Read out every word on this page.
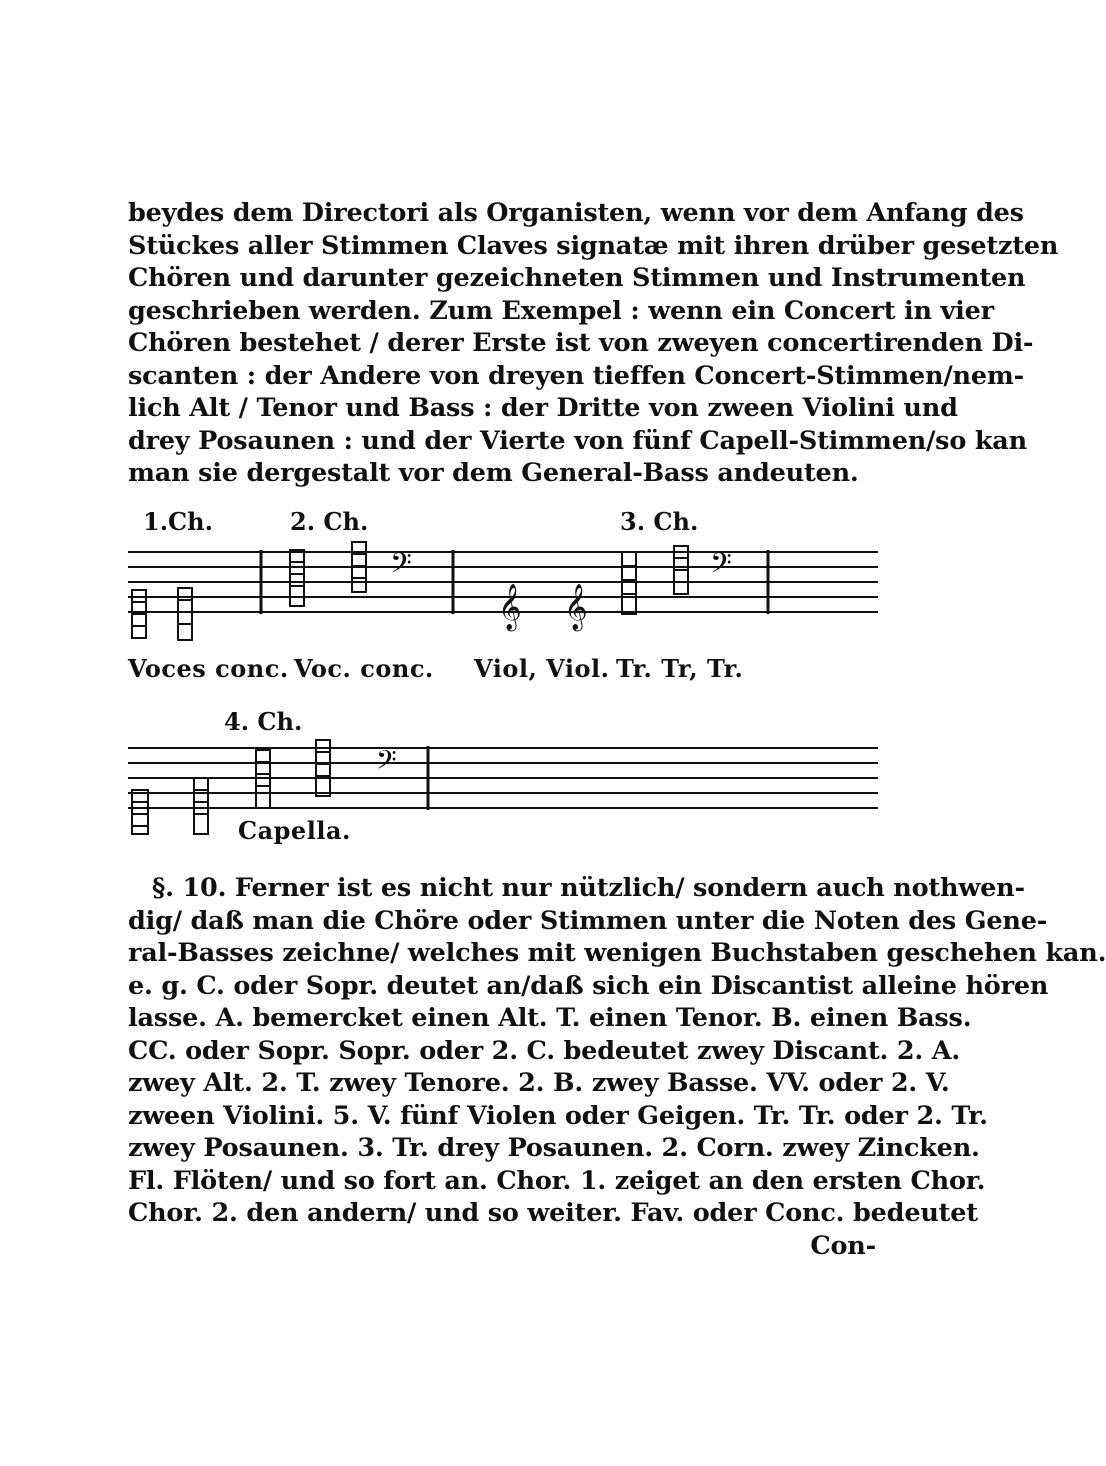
beydes dem Directori als Organisten, wenn vor dem Anfang des
Stückes aller Stimmen Claves signatæ mit ihren drüber gesetzten
Chören und darunter gezeichneten Stimmen und Instrumenten
geschrieben werden. Zum Exempel : wenn ein Concert in vier
Chören bestehet / derer Erste ist von zweyen concertirenden Di-
scanten : der Andere von dreyen tieffen Concert-Stimmen/nem-
lich Alt / Tenor und Bass : der Dritte von zween Violini und
drey Posaunen : und der Vierte von fünf Capell-Stimmen/so kan
man sie dergestalt vor dem General-Bass andeuten.
1.Ch.	2. Ch.	3. Ch.
𝄢
𝄞 𝄞
𝄢
Voces conc. Voc. conc. Viol, Viol. Tr. Tr, Tr.
4. Ch.
𝄢
Capella.
§. 10. Ferner ist es nicht nur nützlich/ sondern auch nothwen-
dig/ daß man die Chöre oder Stimmen unter die Noten des Gene-
ral-Basses zeichne/ welches mit wenigen Buchstaben geschehen kan.
e. g. C. oder Sopr. deutet an/daß sich ein Discantist alleine hören
lasse. A. bemercket einen Alt. T. einen Tenor. B. einen Bass.
CC. oder Sopr. Sopr. oder 2. C. bedeutet zwey Discant. 2. A.
zwey Alt. 2. T. zwey Tenore. 2. B. zwey Basse. VV. oder 2. V.
zween Violini. 5. V. fünf Violen oder Geigen. Tr. Tr. oder 2. Tr.
zwey Posaunen. 3. Tr. drey Posaunen. 2. Corn. zwey Zincken.
Fl. Flöten/ und so fort an. Chor. 1. zeiget an den ersten Chor.
Chor. 2. den andern/ und so weiter. Fav. oder Conc. bedeutet
Con-
